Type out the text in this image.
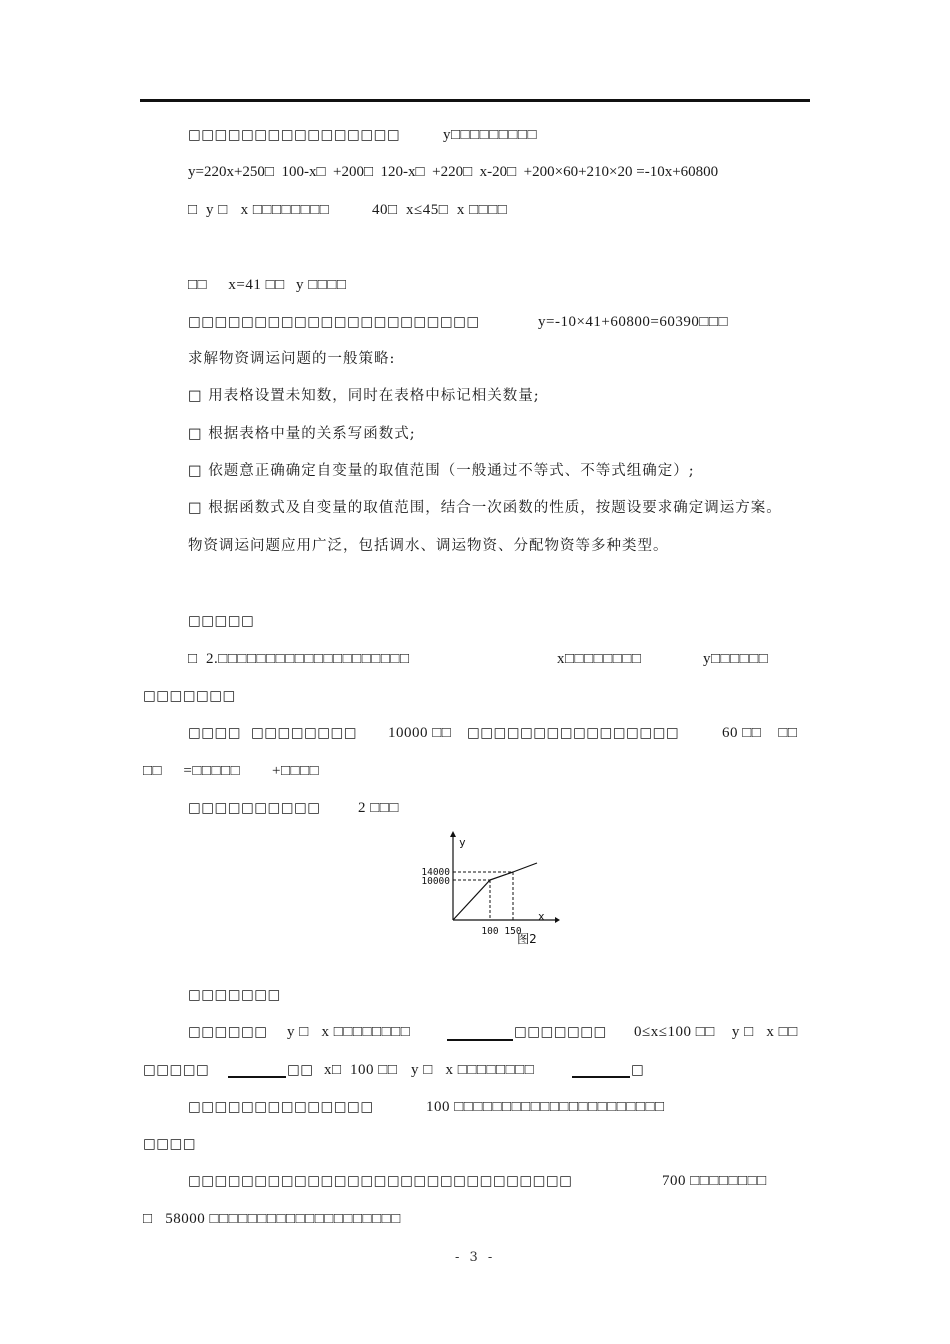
□□□□□□□□□□□□□□□□	y□□□□□□□□□
y=220x+250□  100-x□  +200□  120-x□  +220□  x-20□  +200×60+210×20 =-10x+60800
□  y □   x □□□□□□□□	40□  x≤45□  x □□□□
□□     x=41 □□ y □□□□
□□□□□□□□□□□□□□□□□□□□□□	y=-10×41+60800=60390□□□
求解物资调运问题的一般策略:
□ 用表格设置未知数，同时在表格中标记相关数量;
□ 根据表格中量的关系写函数式;
□ 依题意正确确定自变量的取值范围（一般通过不等式、不等式组确定）;
□ 根据函数式及自变量的取值范围，结合一次函数的性质，按题设要求确定调运方案。
物资调运问题应用广泛，包括调水、调运物资、分配物资等多种类型。
□□□□□
□  2.□□□□□□□□□□□□□□□□□□□□	x□□□□□□□□	y□□□□□□
□□□□□□□
□□□□ □□□□□□□□ 10000 □□ □□□□□□□□□□□□□□□□	60 □□    □□
□□     =□□□□□ +□□□□
□□□□□□□□□□ 2 □□□
y
x
14000
10000
100 150
图2
□□□□□□□
□□□□□□ y □   x □□□□□□□□	□□□□□□□ 0≤x≤100 □□    y □   x □□
□□□□□	□□ x□  100 □□ y □   x □□□□□□□□	□
□□□□□□□□□□□□□□	100 □□□□□□□□□□□□□□□□□□□□□□
□□□□
□□□□□□□□□□□□□□□□□□□□□□□□□□□□□	700 □□□□□□□□
□   58000 □□□□□□□□□□□□□□□□□□□□
- 3 -
